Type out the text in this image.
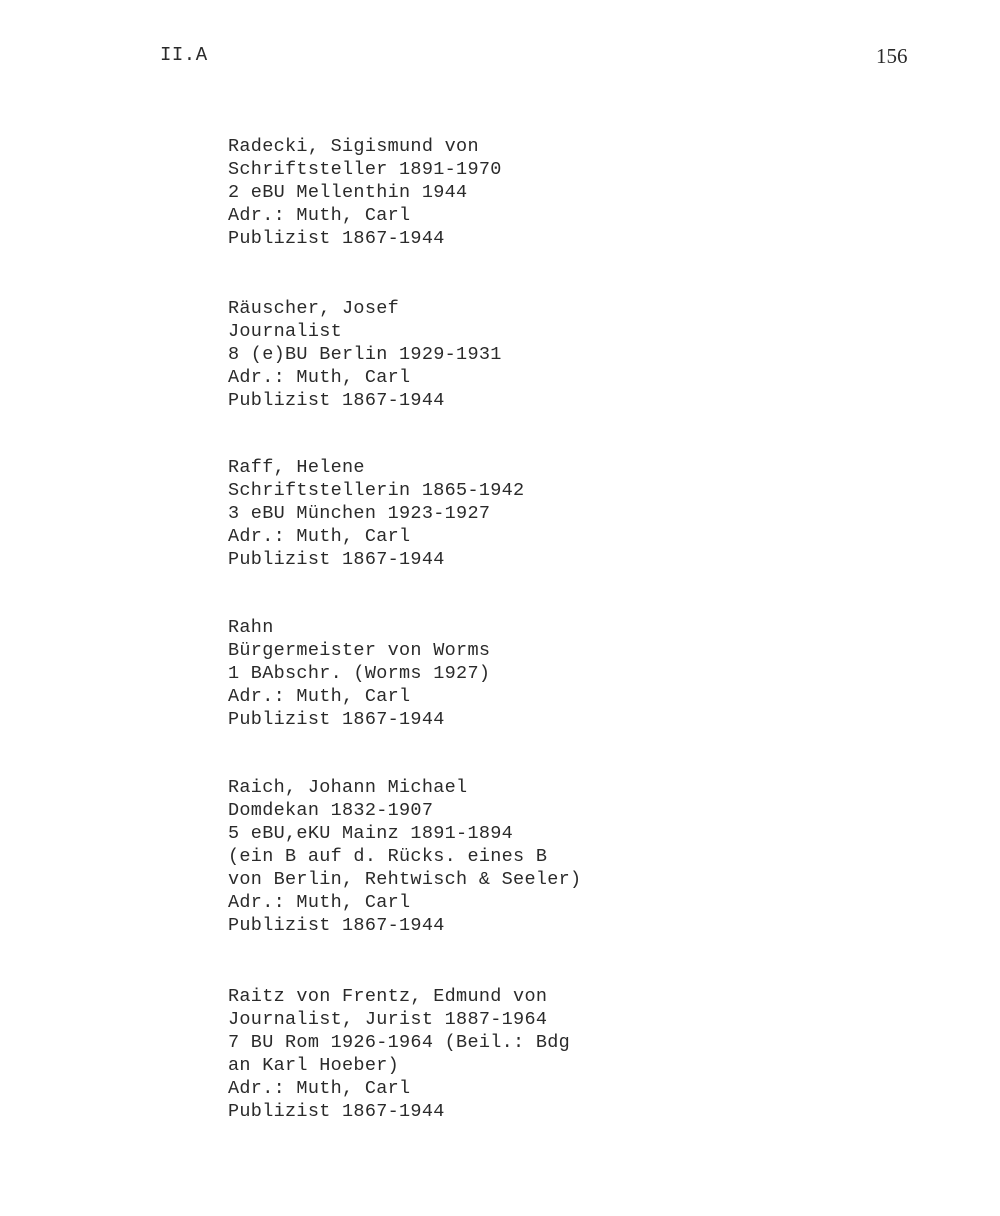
II.A	156

Radecki, Sigismund von
Schriftsteller 1891-1970
2 eBU Mellenthin 1944
Adr.: Muth, Carl
Publizist 1867-1944
Räuscher, Josef
Journalist
8 (e)BU Berlin 1929-1931
Adr.: Muth, Carl
Publizist 1867-1944
Raff, Helene
Schriftstellerin 1865-1942
3 eBU München 1923-1927
Adr.: Muth, Carl
Publizist 1867-1944
Rahn
Bürgermeister von Worms
1 BAbschr. (Worms 1927)
Adr.: Muth, Carl
Publizist 1867-1944
Raich, Johann Michael
Domdekan 1832-1907
5 eBU,eKU Mainz 1891-1894
(ein B auf d. Rücks. eines B
von Berlin, Rehtwisch & Seeler)
Adr.: Muth, Carl
Publizist 1867-1944
Raitz von Frentz, Edmund von
Journalist, Jurist 1887-1964
7 BU Rom 1926-1964 (Beil.: Bdg
an Karl Hoeber)
Adr.: Muth, Carl
Publizist 1867-1944
